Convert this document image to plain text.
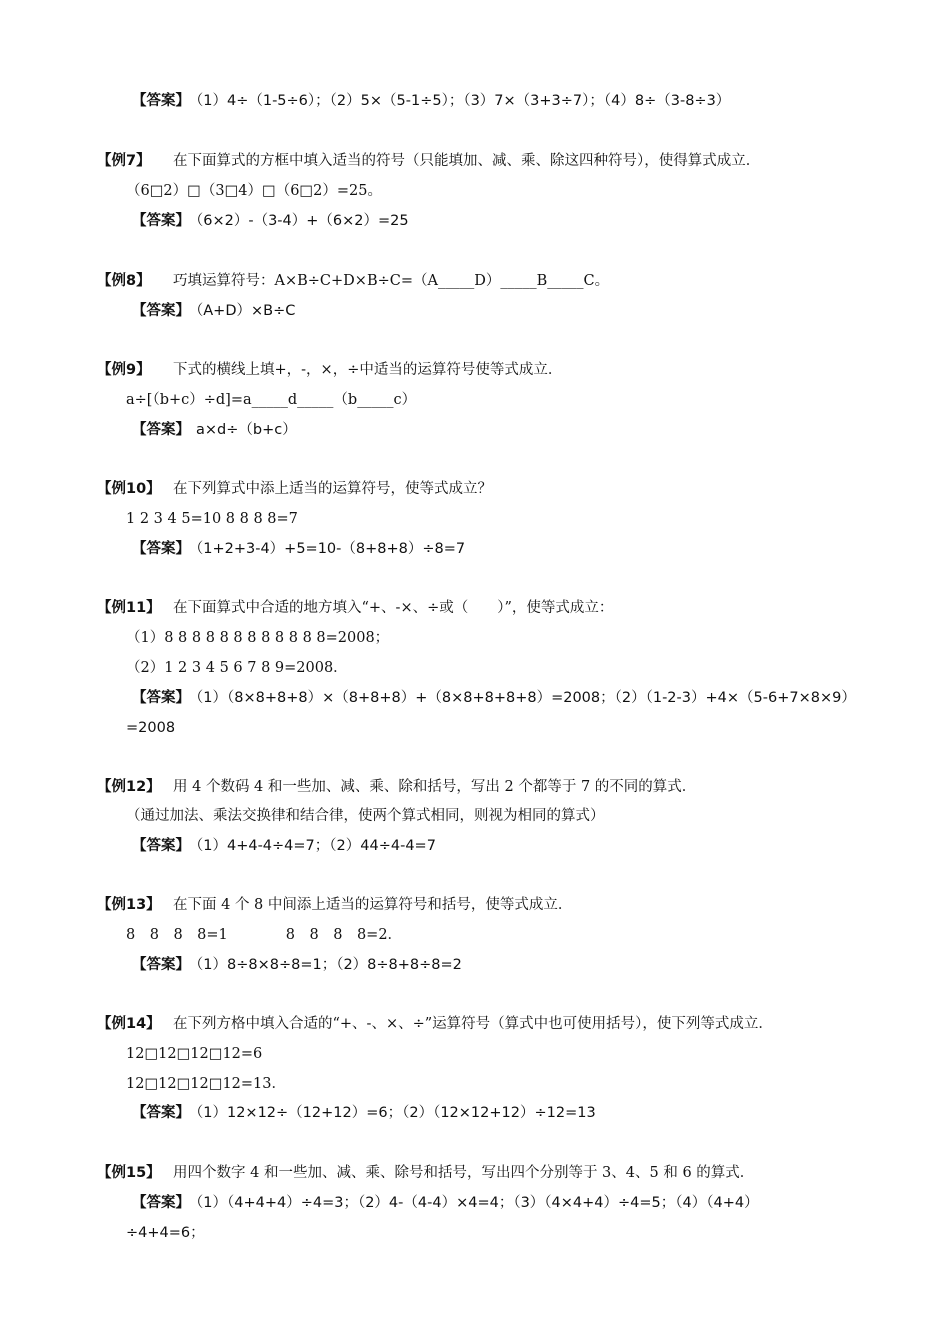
【答案】 （1）4÷（1-5÷6）；（2）5×（5-1÷5）；（3）7×（3+3÷7）；（4）8÷（3-8÷3）
【例7】 在下面算式的方框中填入适当的符号（只能填加、减、乘、除这四种符号），使得算式成立．
（6□2）□（3□4）□（6□2）=25。
【答案】 （6×2）-（3-4）+（6×2）=25
【例8】 巧填运算符号：A×B÷C+D×B÷C=（A_____D）_____B_____C。
【答案】 （A+D）×B÷C
【例9】 下式的横线上填+，-，×，÷中适当的运算符号使等式成立．
a÷[（b+c）÷d]=a_____d_____（b_____c）
【答案】 a×d÷（b+c）
【例10】 在下列算式中添上适当的运算符号，使等式成立？
1 2 3 4 5=10 8 8 8 8=7
【答案】 （1+2+3-4）+5=10-（8+8+8）÷8=7
【例11】 在下面算式中合适的地方填入“+、-×、÷或（　　）”，使等式成立：
（1）8 8 8 8 8 8 8 8 8 8 8 8=2008；
（2）1 2 3 4 5 6 7 8 9=2008．
【答案】 （1）（8×8+8+8）×（8+8+8）+（8×8+8+8+8）=2008；（2）（1-2-3）+4×（5-6+7×8×9）
=2008
【例12】 用 4 个数码 4 和一些加、减、乘、除和括号，写出 2 个都等于 7 的不同的算式．
（通过加法、乘法交换律和结合律，使两个算式相同，则视为相同的算式）
【答案】 （1）4+4-4÷4=7；（2）44÷4-4=7
【例13】 在下面 4 个 8 中间添上适当的运算符号和括号，使等式成立．
8　8　8　8=1　　　　8　8　8　8=2．
【答案】 （1）8÷8×8÷8=1；（2）8÷8+8÷8=2
【例14】 在下列方格中填入合适的“+、-、×、÷”运算符号（算式中也可使用括号），使下列等式成立．
12□12□12□12=6
12□12□12□12=13．
【答案】 （1）12×12÷（12+12）=6；（2）（12×12+12）÷12=13
【例15】 用四个数字 4 和一些加、减、乘、除号和括号，写出四个分别等于 3、4、5 和 6 的算式．
【答案】 （1）（4+4+4）÷4=3；（2）4-（4-4）×4=4；（3）（4×4+4）÷4=5；（4）（4+4）
÷4+4=6；
